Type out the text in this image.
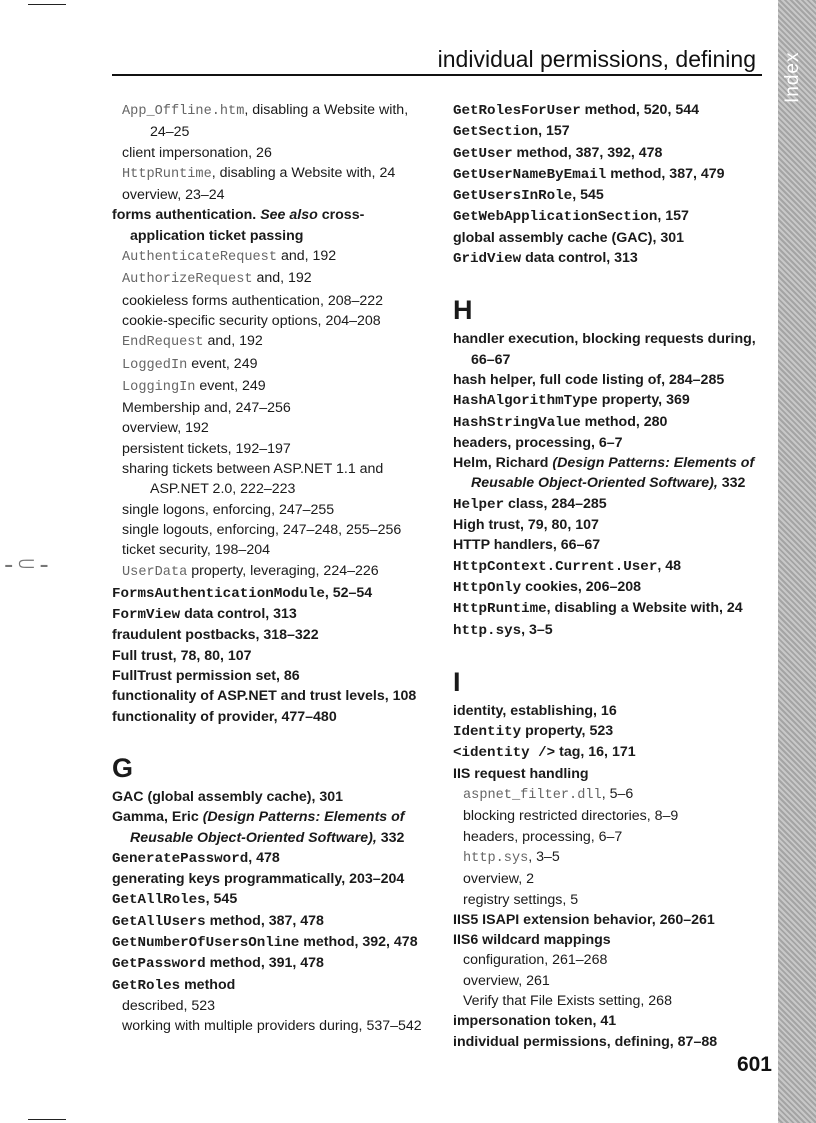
-⸦-
Index
individual permissions, defining
App_Offline.htm, disabling a Website with, 24–25
client impersonation, 26
HttpRuntime, disabling a Website with, 24
overview, 23–24
forms authentication. See also cross-application ticket passing
AuthenticateRequest and, 192
AuthorizeRequest and, 192
cookieless forms authentication, 208–222
cookie-specific security options, 204–208
EndRequest and, 192
LoggedIn event, 249
LoggingIn event, 249
Membership and, 247–256
overview, 192
persistent tickets, 192–197
sharing tickets between ASP.NET 1.1 and ASP.NET 2.0, 222–223
single logons, enforcing, 247–255
single logouts, enforcing, 247–248, 255–256
ticket security, 198–204
UserData property, leveraging, 224–226
FormsAuthenticationModule, 52–54
FormView data control, 313
fraudulent postbacks, 318–322
Full trust, 78, 80, 107
FullTrust permission set, 86
functionality of ASP.NET and trust levels, 108
functionality of provider, 477–480
G
GAC (global assembly cache), 301
Gamma, Eric (Design Patterns: Elements of Reusable Object-Oriented Software), 332
GeneratePassword, 478
generating keys programmatically, 203–204
GetAllRoles, 545
GetAllUsers method, 387, 478
GetNumberOfUsersOnline method, 392, 478
GetPassword method, 391, 478
GetRoles method
described, 523
working with multiple providers during, 537–542
GetRolesForUser method, 520, 544
GetSection, 157
GetUser method, 387, 392, 478
GetUserNameByEmail method, 387, 479
GetUsersInRole, 545
GetWebApplicationSection, 157
global assembly cache (GAC), 301
GridView data control, 313
H
handler execution, blocking requests during, 66–67
hash helper, full code listing of, 284–285
HashAlgorithmType property, 369
HashStringValue method, 280
headers, processing, 6–7
Helm, Richard (Design Patterns: Elements of Reusable Object-Oriented Software), 332
Helper class, 284–285
High trust, 79, 80, 107
HTTP handlers, 66–67
HttpContext.Current.User, 48
HttpOnly cookies, 206–208
HttpRuntime, disabling a Website with, 24
http.sys, 3–5
I
identity, establishing, 16
Identity property, 523
<identity /> tag, 16, 171
IIS request handling
aspnet_filter.dll, 5–6
blocking restricted directories, 8–9
headers, processing, 6–7
http.sys, 3–5
overview, 2
registry settings, 5
IIS5 ISAPI extension behavior, 260–261
IIS6 wildcard mappings
configuration, 261–268
overview, 261
Verify that File Exists setting, 268
impersonation token, 41
individual permissions, defining, 87–88
601
